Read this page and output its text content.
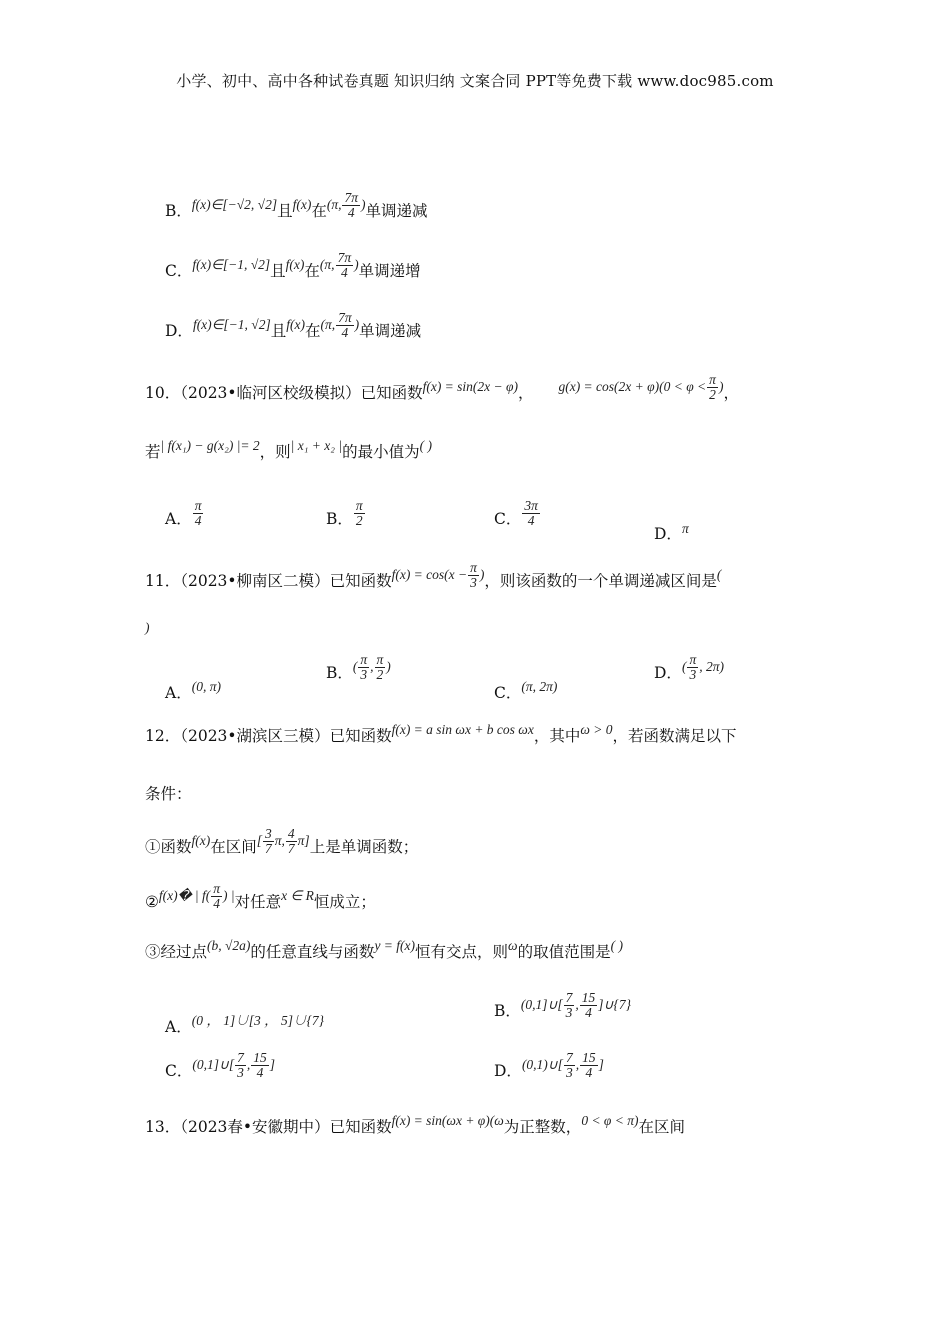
小学、初中、高中各种试卷真题 知识归纳 文案合同 PPT等免费下载 www.doc985.com
B．f(x)∈[−√2, √2]且f(x)在(π, $\frac{7\pi}{4}$ )单调递减
C．f(x)∈[−1, √2]且f(x)在(π, $\frac{7\pi}{4}$ )单调递增
D．f(x)∈[−1, √2]且f(x)在(π, $\frac{7\pi}{4}$ )单调递减
10．（2023•临河区校级模拟）已知函数f(x) = sin(2x − φ)， $g(x) = \cos(2x + \varphi)(0 < \varphi < \frac{\pi}{2}$ )，
若| f(x₁) − g(x₂) |= 2，则| x₁ + x₂ |的最小值为( )
A． $\frac{\pi}{4}$	B． $\frac{\pi}{2}$	C． $\frac{3\pi}{4}$
D．π
11．（2023•柳南区二模）已知函数$f(x) = \cos(x - \frac{\pi}{3}$ )，则该函数的一个单调递减区间是(
)
A．(0, π)
B．( $\frac{\pi}{3}$ , $\frac{\pi}{2}$ )
C．(π, 2π)
D．( $\frac{\pi}{3}$ , 2π)
12．（2023•湖滨区三模）已知函数f(x) = a sin ωx + b cos ωx，其中ω > 0，若函数满足以下
条件：
①函数f(x)在区间[ $\frac{3}{7} \pi$, $\frac{4}{7} \pi$]上是单调函数；
②f(x)� | $f( \frac{\pi}{4}$ ) |对任意x ∈ R恒成立；
③经过点(b, √2a)的任意直线与函数y = f(x)恒有交点，则ω的取值范围是( )
A．(0 ， 1]∪[3 ， 5]∪{7}
B．(0,1]∪[ $\frac{7}{3}$ , $\frac{15}{4}$ ]∪{7}
C．(0,1]∪[ $\frac{7}{3}$ , $\frac{15}{4}$ ]	D．(0,1)∪[ $\frac{7}{3}$ , $\frac{15}{4}$ ]
13．（2023春•安徽期中）已知函数f(x) = sin(ωx + φ)(ω为正整数，0 < φ < π)在区间
